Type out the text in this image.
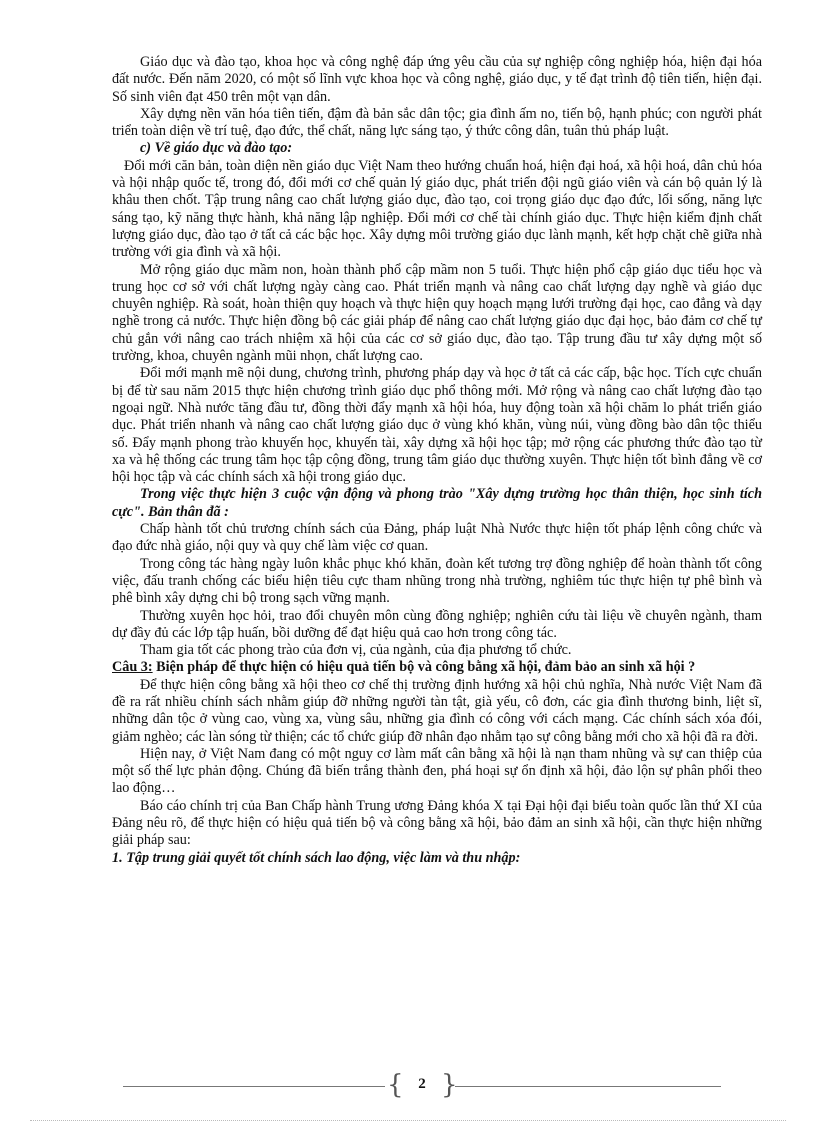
Giáo dục và đào tạo, khoa học và công nghệ đáp ứng yêu cầu của sự nghiệp công nghiệp hóa, hiện đại hóa đất nước. Đến năm 2020, có một số lĩnh vực khoa học và công nghệ, giáo dục, y tế đạt trình độ tiên tiến, hiện đại. Số sinh viên đạt 450 trên một vạn dân.

Xây dựng nền văn hóa tiên tiến, đậm đà bản sắc dân tộc; gia đình ấm no, tiến bộ, hạnh phúc; con người phát triển toàn diện về trí tuệ, đạo đức, thể chất, năng lực sáng tạo, ý thức công dân, tuân thủ pháp luật.

c) Về giáo dục và đào tạo:

Đổi mới căn bản, toàn diện nền giáo dục Việt Nam theo hướng chuẩn hoá, hiện đại hoá, xã hội hoá, dân chủ hóa và hội nhập quốc tế, trong đó, đổi mới cơ chế quản lý giáo dục, phát triển đội ngũ giáo viên và cán bộ quản lý là khâu then chốt. Tập trung nâng cao chất lượng giáo dục, đào tạo, coi trọng giáo dục đạo đức, lối sống, năng lực sáng tạo, kỹ năng thực hành, khả năng lập nghiệp. Đổi mới cơ chế tài chính giáo dục. Thực hiện kiểm định chất lượng giáo dục, đào tạo ở tất cả các bậc học. Xây dựng môi trường giáo dục lành mạnh, kết hợp chặt chẽ giữa nhà trường với gia đình và xã hội.

Mở rộng giáo dục mầm non, hoàn thành phổ cập mầm non 5 tuổi. Thực hiện phổ cập giáo dục tiểu học và trung học cơ sở với chất lượng ngày càng cao. Phát triển mạnh và nâng cao chất lượng dạy nghề và giáo dục chuyên nghiệp. Rà soát, hoàn thiện quy hoạch và thực hiện quy hoạch mạng lưới trường đại học, cao đẳng và dạy nghề trong cả nước. Thực hiện đồng bộ các giải pháp để nâng cao chất lượng giáo dục đại học, bảo đảm cơ chế tự chủ gắn với nâng cao trách nhiệm xã hội của các cơ sở giáo dục, đào tạo. Tập trung đầu tư xây dựng một số trường, khoa, chuyên ngành mũi nhọn, chất lượng cao.

Đổi mới mạnh mẽ nội dung, chương trình, phương pháp dạy và học ở tất cả các cấp, bậc học. Tích cực chuẩn bị để từ sau năm 2015 thực hiện chương trình giáo dục phổ thông mới. Mở rộng và nâng cao chất lượng đào tạo ngoại ngữ. Nhà nước tăng đầu tư, đồng thời đẩy mạnh xã hội hóa, huy động toàn xã hội chăm lo phát triển giáo dục. Phát triển nhanh và nâng cao chất lượng giáo dục ở vùng khó khăn, vùng núi, vùng đồng bào dân tộc thiểu số. Đẩy mạnh phong trào khuyến học, khuyến tài, xây dựng xã hội học tập; mở rộng các phương thức đào tạo từ xa và hệ thống các trung tâm học tập cộng đồng, trung tâm giáo dục thường xuyên. Thực hiện tốt bình đẳng về cơ hội học tập và các chính sách xã hội trong giáo dục.

Trong việc thực hiện 3 cuộc vận động và phong trào "Xây dựng trường học thân thiện, học sinh tích cực". Bản thân đã :

Chấp hành tốt chủ trương chính sách của Đảng, pháp luật Nhà Nước thực hiện tốt pháp lệnh công chức và đạo đức nhà giáo, nội quy và quy chế làm việc cơ quan.

Trong công tác hàng ngày luôn khắc phục khó khăn, đoàn kết tương trợ đồng nghiệp để hoàn thành tốt công việc, đấu tranh chống các biểu hiện tiêu cực tham nhũng trong nhà trường, nghiêm túc thực hiện tự phê bình và phê bình xây dựng chi bộ trong sạch vững mạnh.

Thường xuyên học hỏi, trao đổi chuyên môn cùng đồng nghiệp; nghiên cứu tài liệu về chuyên ngành, tham dự đầy đủ các lớp tập huấn, bồi dưỡng để đạt hiệu quả cao hơn trong công tác.

Tham gia tốt các phong trào của đơn vị, của ngành, của địa phương tổ chức.

Câu 3: Biện pháp để thực hiện có hiệu quả tiến bộ và công bằng xã hội, đảm bảo an sinh xã hội ?

Để thực hiện công bằng xã hội theo cơ chế thị trường định hướng xã hội chủ nghĩa, Nhà nước Việt Nam đã đề ra rất nhiều chính sách nhằm giúp đỡ những người tàn tật, già yếu, cô đơn, các gia đình thương binh, liệt sĩ, những dân tộc ở vùng cao, vùng xa, vùng sâu, những gia đình có công với cách mạng. Các chính sách xóa đói, giảm nghèo; các làn sóng từ thiện; các tổ chức giúp đỡ nhân đạo nhằm tạo sự công bằng mới cho xã hội đã ra đời.

Hiện nay, ở Việt Nam đang có một nguy cơ làm mất cân bằng xã hội là nạn tham nhũng và sự can thiệp của một số thế lực phản động. Chúng đã biến trắng thành đen, phá hoại sự ổn định xã hội, đảo lộn sự phân phối theo lao động…

Báo cáo chính trị của Ban Chấp hành Trung ương Đảng khóa X tại Đại hội đại biểu toàn quốc lần thứ XI của Đảng nêu rõ, để thực hiện có hiệu quả tiến bộ và công bằng xã hội, bảo đảm an sinh xã hội, cần thực hiện những giải pháp sau:

1. Tập trung giải quyết tốt chính sách lao động, việc làm và thu nhập:

{ 2 }
